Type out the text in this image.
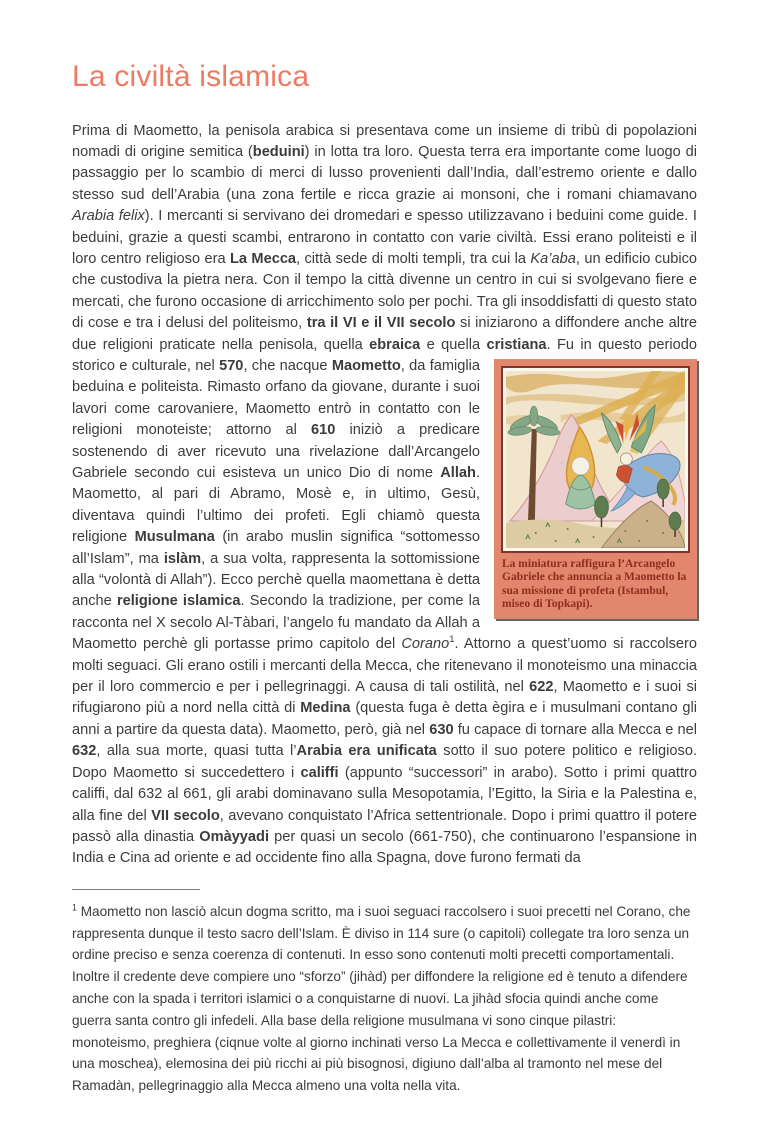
La civiltà islamica
Prima di Maometto, la penisola arabica si presentava come un insieme di tribù di popolazioni nomadi di origine semitica (beduini) in lotta tra loro. Questa terra era importante come luogo di passaggio per lo scambio di merci di lusso provenienti dall’India, dall’estremo oriente e dallo stesso sud dell’Arabia (una zona fertile e ricca grazie ai monsoni, che i romani chiamavano Arabia felix). I mercanti si servivano dei dromedari e spesso utilizzavano i beduini come guide. I beduini, grazie a questi scambi, entrarono in contatto con varie civiltà. Essi erano politeisti e il loro centro religioso era La Mecca, città sede di molti templi, tra cui la Ka’aba, un edificio cubico che custodiva la pietra nera. Con il tempo la città divenne un centro in cui si svolgevano fiere e mercati, che furono occasione di arricchimento solo per pochi. Tra gli insoddisfatti di questo stato di cose e tra i delusi del politeismo, tra il VI e il VII secolo si iniziarono a diffondere anche altre due religioni praticate nella penisola, quella ebraica e quella cristiana. Fu in questo periodo
La miniatura raffigura l’Arcangelo Gabriele che annuncia a Maometto la sua missione di profeta (Istambul, miseo di Topkapi).
storico e culturale, nel 570, che nacque Maometto, da famiglia beduina e politeista. Rimasto orfano da giovane, durante i suoi lavori come carovaniere, Maometto entrò in contatto con le religioni monoteiste; attorno al 610 iniziò a predicare sostenendo di aver ricevuto una rivelazione dall’Arcangelo Gabriele secondo cui esisteva un unico Dio di nome Allah. Maometto, al pari di Abramo, Mosè e, in ultimo, Gesù, diventava quindi l’ultimo dei profeti. Egli chiamò questa religione Musulmana (in arabo muslin significa “sottomesso all’Islam”, ma islàm, a sua volta, rappresenta la sottomissione alla “volontà di Allah”). Ecco perchè quella maomettana è detta anche religione islamica. Secondo la tradizione, per come la racconta nel X secolo Al-Tàbari, l’angelo fu mandato da Allah a Maometto perchè gli portasse primo capitolo del Corano$^1$. Attorno a quest’uomo si raccolsero molti seguaci. Gli erano ostili i mercanti della Mecca, che ritenevano il monoteismo una minaccia per il loro commercio e per i pellegrinaggi. A causa di tali ostilità, nel 622, Maometto e i suoi si rifugiarono più a nord nella città di Medina (questa fuga è detta ègira e i musulmani contano gli anni a partire da questa data). Maometto, però, già nel 630 fu capace di tornare alla Mecca e nel 632, alla sua morte, quasi tutta l’Arabia era unificata sotto il suo potere politico e religioso. Dopo Maometto si succedettero i califfi (appunto “successori” in arabo). Sotto i primi quattro califfi, dal 632 al 661, gli arabi dominavano sulla Mesopotamia, l’Egitto, la Siria e la Palestina e, alla fine del VII secolo, avevano conquistato l’Africa settentrionale. Dopo i primi quattro il potere passò alla dinastia Omàyyadi per quasi un secolo (661-750), che continuarono l’espansione in India e Cina ad oriente e ad occidente fino alla Spagna, dove furono fermati da
$^1$ Maometto non lasciò alcun dogma scritto, ma i suoi seguaci raccolsero i suoi precetti nel Corano, che rappresenta dunque il testo sacro dell’Islam. È diviso in 114 sure (o capitoli) collegate tra loro senza un ordine preciso e senza coerenza di contenuti. In esso sono contenuti molti precetti comportamentali. Inoltre il credente deve compiere uno “sforzo” (jihàd) per diffondere la religione ed è tenuto a difendere anche con la spada i territori islamici o a conquistarne di nuovi. La jihàd sfocia quindi anche come guerra santa contro gli infedeli. Alla base della religione musulmana vi sono cinque pilastri: monoteismo, preghiera (ciqnue volte al giorno inchinati verso La Mecca e collettivamente il venerdì in una moschea), elemosina dei più ricchi ai più bisognosi, digiuno dall’alba al tramonto nel mese del Ramadàn, pellegrinaggio alla Mecca almeno una volta nella vita.
